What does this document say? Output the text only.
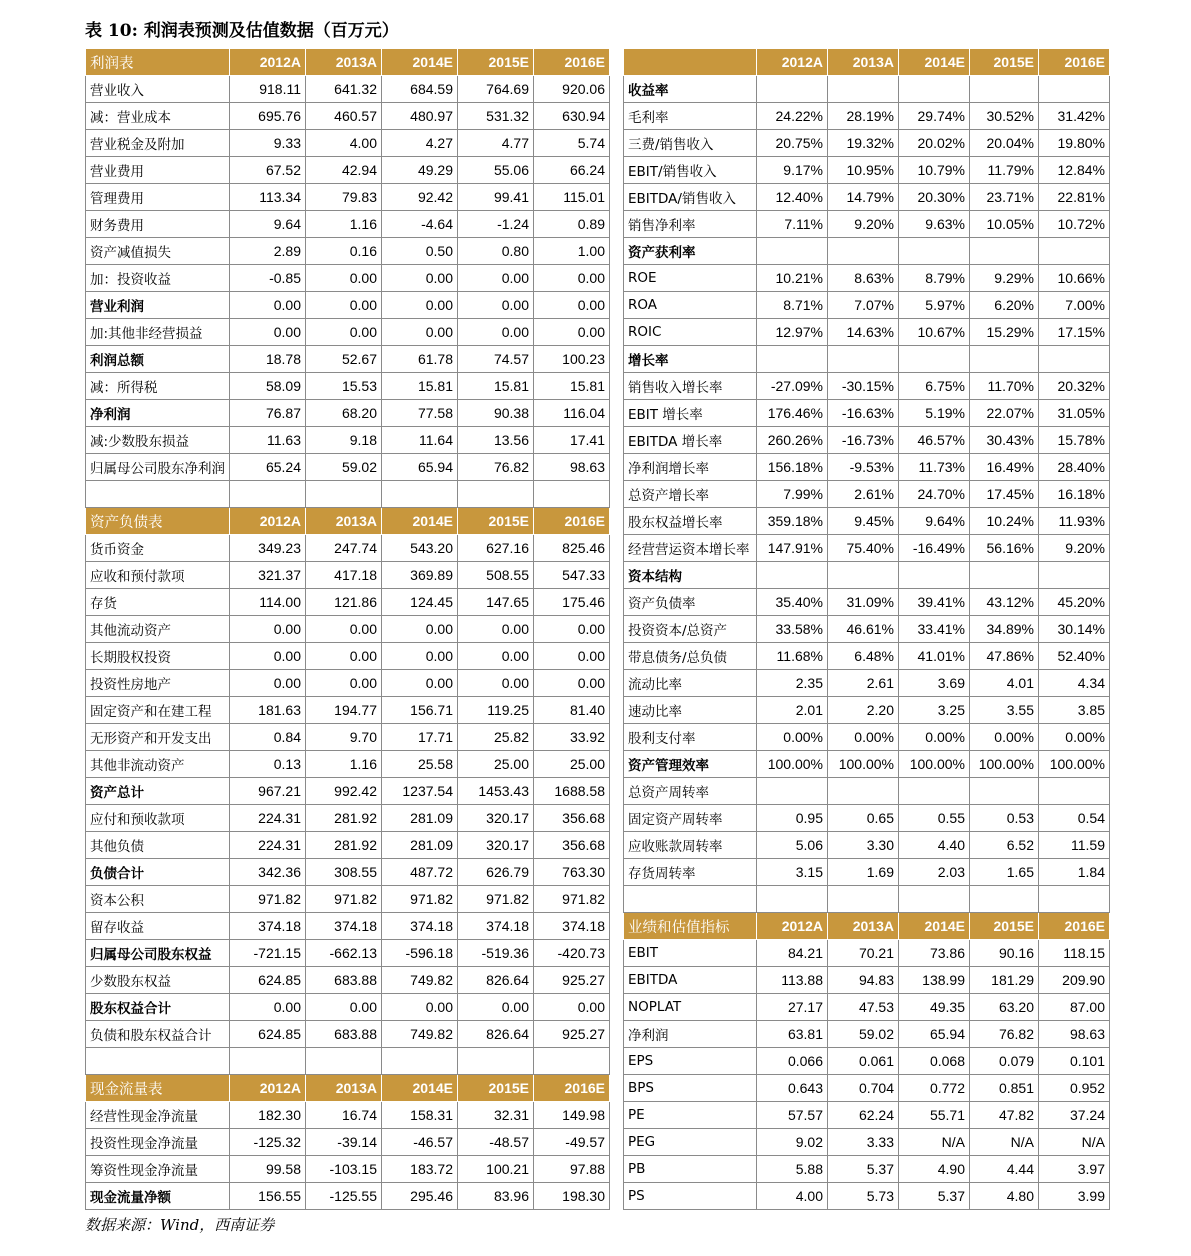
表 10: 利润表预测及估值数据（百万元）
利润表	2012A	2013A	2014E	2015E	2016E
营业收入	918.11	641.32	684.59	764.69	920.06
减：营业成本	695.76	460.57	480.97	531.32	630.94
营业税金及附加	9.33	4.00	4.27	4.77	5.74
营业费用	67.52	42.94	49.29	55.06	66.24
管理费用	113.34	79.83	92.42	99.41	115.01
财务费用	9.64	1.16	-4.64	-1.24	0.89
资产减值损失	2.89	0.16	0.50	0.80	1.00
加：投资收益	-0.85	0.00	0.00	0.00	0.00
营业利润	0.00	0.00	0.00	0.00	0.00
加:其他非经营损益	0.00	0.00	0.00	0.00	0.00
利润总额	18.78	52.67	61.78	74.57	100.23
减：所得税	58.09	15.53	15.81	15.81	15.81
净利润	76.87	68.20	77.58	90.38	116.04
减:少数股东损益	11.63	9.18	11.64	13.56	17.41
归属母公司股东净利润	65.24	59.02	65.94	76.82	98.63

资产负债表	2012A	2013A	2014E	2015E	2016E
货币资金	349.23	247.74	543.20	627.16	825.46
应收和预付款项	321.37	417.18	369.89	508.55	547.33
存货	114.00	121.86	124.45	147.65	175.46
其他流动资产	0.00	0.00	0.00	0.00	0.00
长期股权投资	0.00	0.00	0.00	0.00	0.00
投资性房地产	0.00	0.00	0.00	0.00	0.00
固定资产和在建工程	181.63	194.77	156.71	119.25	81.40
无形资产和开发支出	0.84	9.70	17.71	25.82	33.92
其他非流动资产	0.13	1.16	25.58	25.00	25.00
资产总计	967.21	992.42	1237.54	1453.43	1688.58
应付和预收款项	224.31	281.92	281.09	320.17	356.68
其他负债	224.31	281.92	281.09	320.17	356.68
负债合计	342.36	308.55	487.72	626.79	763.30
资本公积	971.82	971.82	971.82	971.82	971.82
留存收益	374.18	374.18	374.18	374.18	374.18
归属母公司股东权益	-721.15	-662.13	-596.18	-519.36	-420.73
少数股东权益	624.85	683.88	749.82	826.64	925.27
股东权益合计	0.00	0.00	0.00	0.00	0.00
负债和股东权益合计	624.85	683.88	749.82	826.64	925.27

现金流量表	2012A	2013A	2014E	2015E	2016E
经营性现金净流量	182.30	16.74	158.31	32.31	149.98
投资性现金净流量	-125.32	-39.14	-46.57	-48.57	-49.57
筹资性现金净流量	99.58	-103.15	183.72	100.21	97.88
现金流量净额	156.55	-125.55	295.46	83.96	198.30
	2012A	2013A	2014E	2015E	2016E
收益率					
毛利率	24.22%	28.19%	29.74%	30.52%	31.42%
三费/销售收入	20.75%	19.32%	20.02%	20.04%	19.80%
EBIT/销售收入	9.17%	10.95%	10.79%	11.79%	12.84%
EBITDA/销售收入	12.40%	14.79%	20.30%	23.71%	22.81%
销售净利率	7.11%	9.20%	9.63%	10.05%	10.72%
资产获利率					
ROE	10.21%	8.63%	8.79%	9.29%	10.66%
ROA	8.71%	7.07%	5.97%	6.20%	7.00%
ROIC	12.97%	14.63%	10.67%	15.29%	17.15%
增长率					
销售收入增长率	-27.09%	-30.15%	6.75%	11.70%	20.32%
EBIT 增长率	176.46%	-16.63%	5.19%	22.07%	31.05%
EBITDA 增长率	260.26%	-16.73%	46.57%	30.43%	15.78%
净利润增长率	156.18%	-9.53%	11.73%	16.49%	28.40%
总资产增长率	7.99%	2.61%	24.70%	17.45%	16.18%
股东权益增长率	359.18%	9.45%	9.64%	10.24%	11.93%
经营营运资本增长率	147.91%	75.40%	-16.49%	56.16%	9.20%
资本结构					
资产负债率	35.40%	31.09%	39.41%	43.12%	45.20%
投资资本/总资产	33.58%	46.61%	33.41%	34.89%	30.14%
带息债务/总负债	11.68%	6.48%	41.01%	47.86%	52.40%
流动比率	2.35	2.61	3.69	4.01	4.34
速动比率	2.01	2.20	3.25	3.55	3.85
股利支付率	0.00%	0.00%	0.00%	0.00%	0.00%
资产管理效率	100.00%	100.00%	100.00%	100.00%	100.00%
总资产周转率					
固定资产周转率	0.95	0.65	0.55	0.53	0.54
应收账款周转率	5.06	3.30	4.40	6.52	11.59
存货周转率	3.15	1.69	2.03	1.65	1.84

业绩和估值指标	2012A	2013A	2014E	2015E	2016E
EBIT	84.21	70.21	73.86	90.16	118.15
EBITDA	113.88	94.83	138.99	181.29	209.90
NOPLAT	27.17	47.53	49.35	63.20	87.00
净利润	63.81	59.02	65.94	76.82	98.63
EPS	0.066	0.061	0.068	0.079	0.101
BPS	0.643	0.704	0.772	0.851	0.952
PE	57.57	62.24	55.71	47.82	37.24
PEG	9.02	3.33	N/A	N/A	N/A
PB	5.88	5.37	4.90	4.44	3.97
PS	4.00	5.73	5.37	4.80	3.99
数据来源：Wind，西南证券
